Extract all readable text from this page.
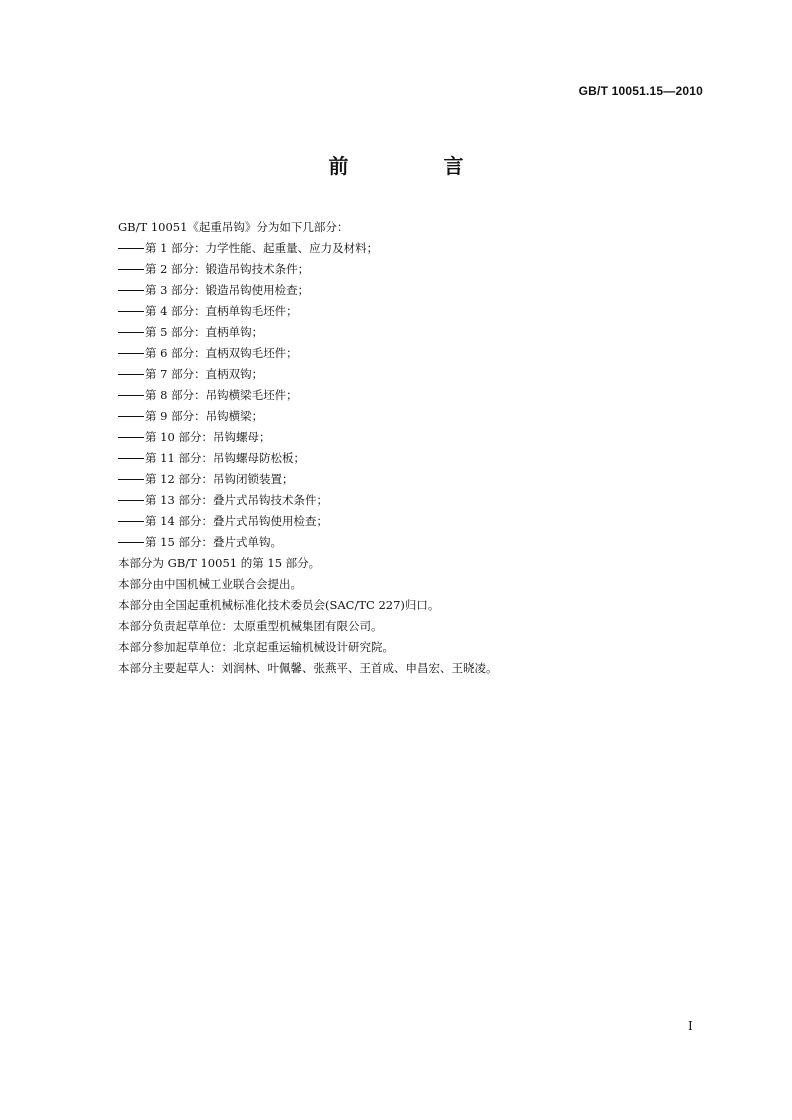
GB/T 10051.15—2010
前 言
GB/T 10051《起重吊钩》分为如下几部分：
第 1 部分：力学性能、起重量、应力及材料；
第 2 部分：锻造吊钩技术条件；
第 3 部分：锻造吊钩使用检查；
第 4 部分：直柄单钩毛坯件；
第 5 部分：直柄单钩；
第 6 部分：直柄双钩毛坯件；
第 7 部分：直柄双钩；
第 8 部分：吊钩横梁毛坯件；
第 9 部分：吊钩横梁；
第 10 部分：吊钩螺母；
第 11 部分：吊钩螺母防松板；
第 12 部分：吊钩闭锁装置；
第 13 部分：叠片式吊钩技术条件；
第 14 部分：叠片式吊钩使用检查；
第 15 部分：叠片式单钩。
本部分为 GB/T 10051 的第 15 部分。
本部分由中国机械工业联合会提出。
本部分由全国起重机械标准化技术委员会(SAC/TC 227)归口。
本部分负责起草单位：太原重型机械集团有限公司。
本部分参加起草单位：北京起重运输机械设计研究院。
本部分主要起草人：刘润林、叶佩馨、张燕平、王首成、申昌宏、王晓凌。
I
